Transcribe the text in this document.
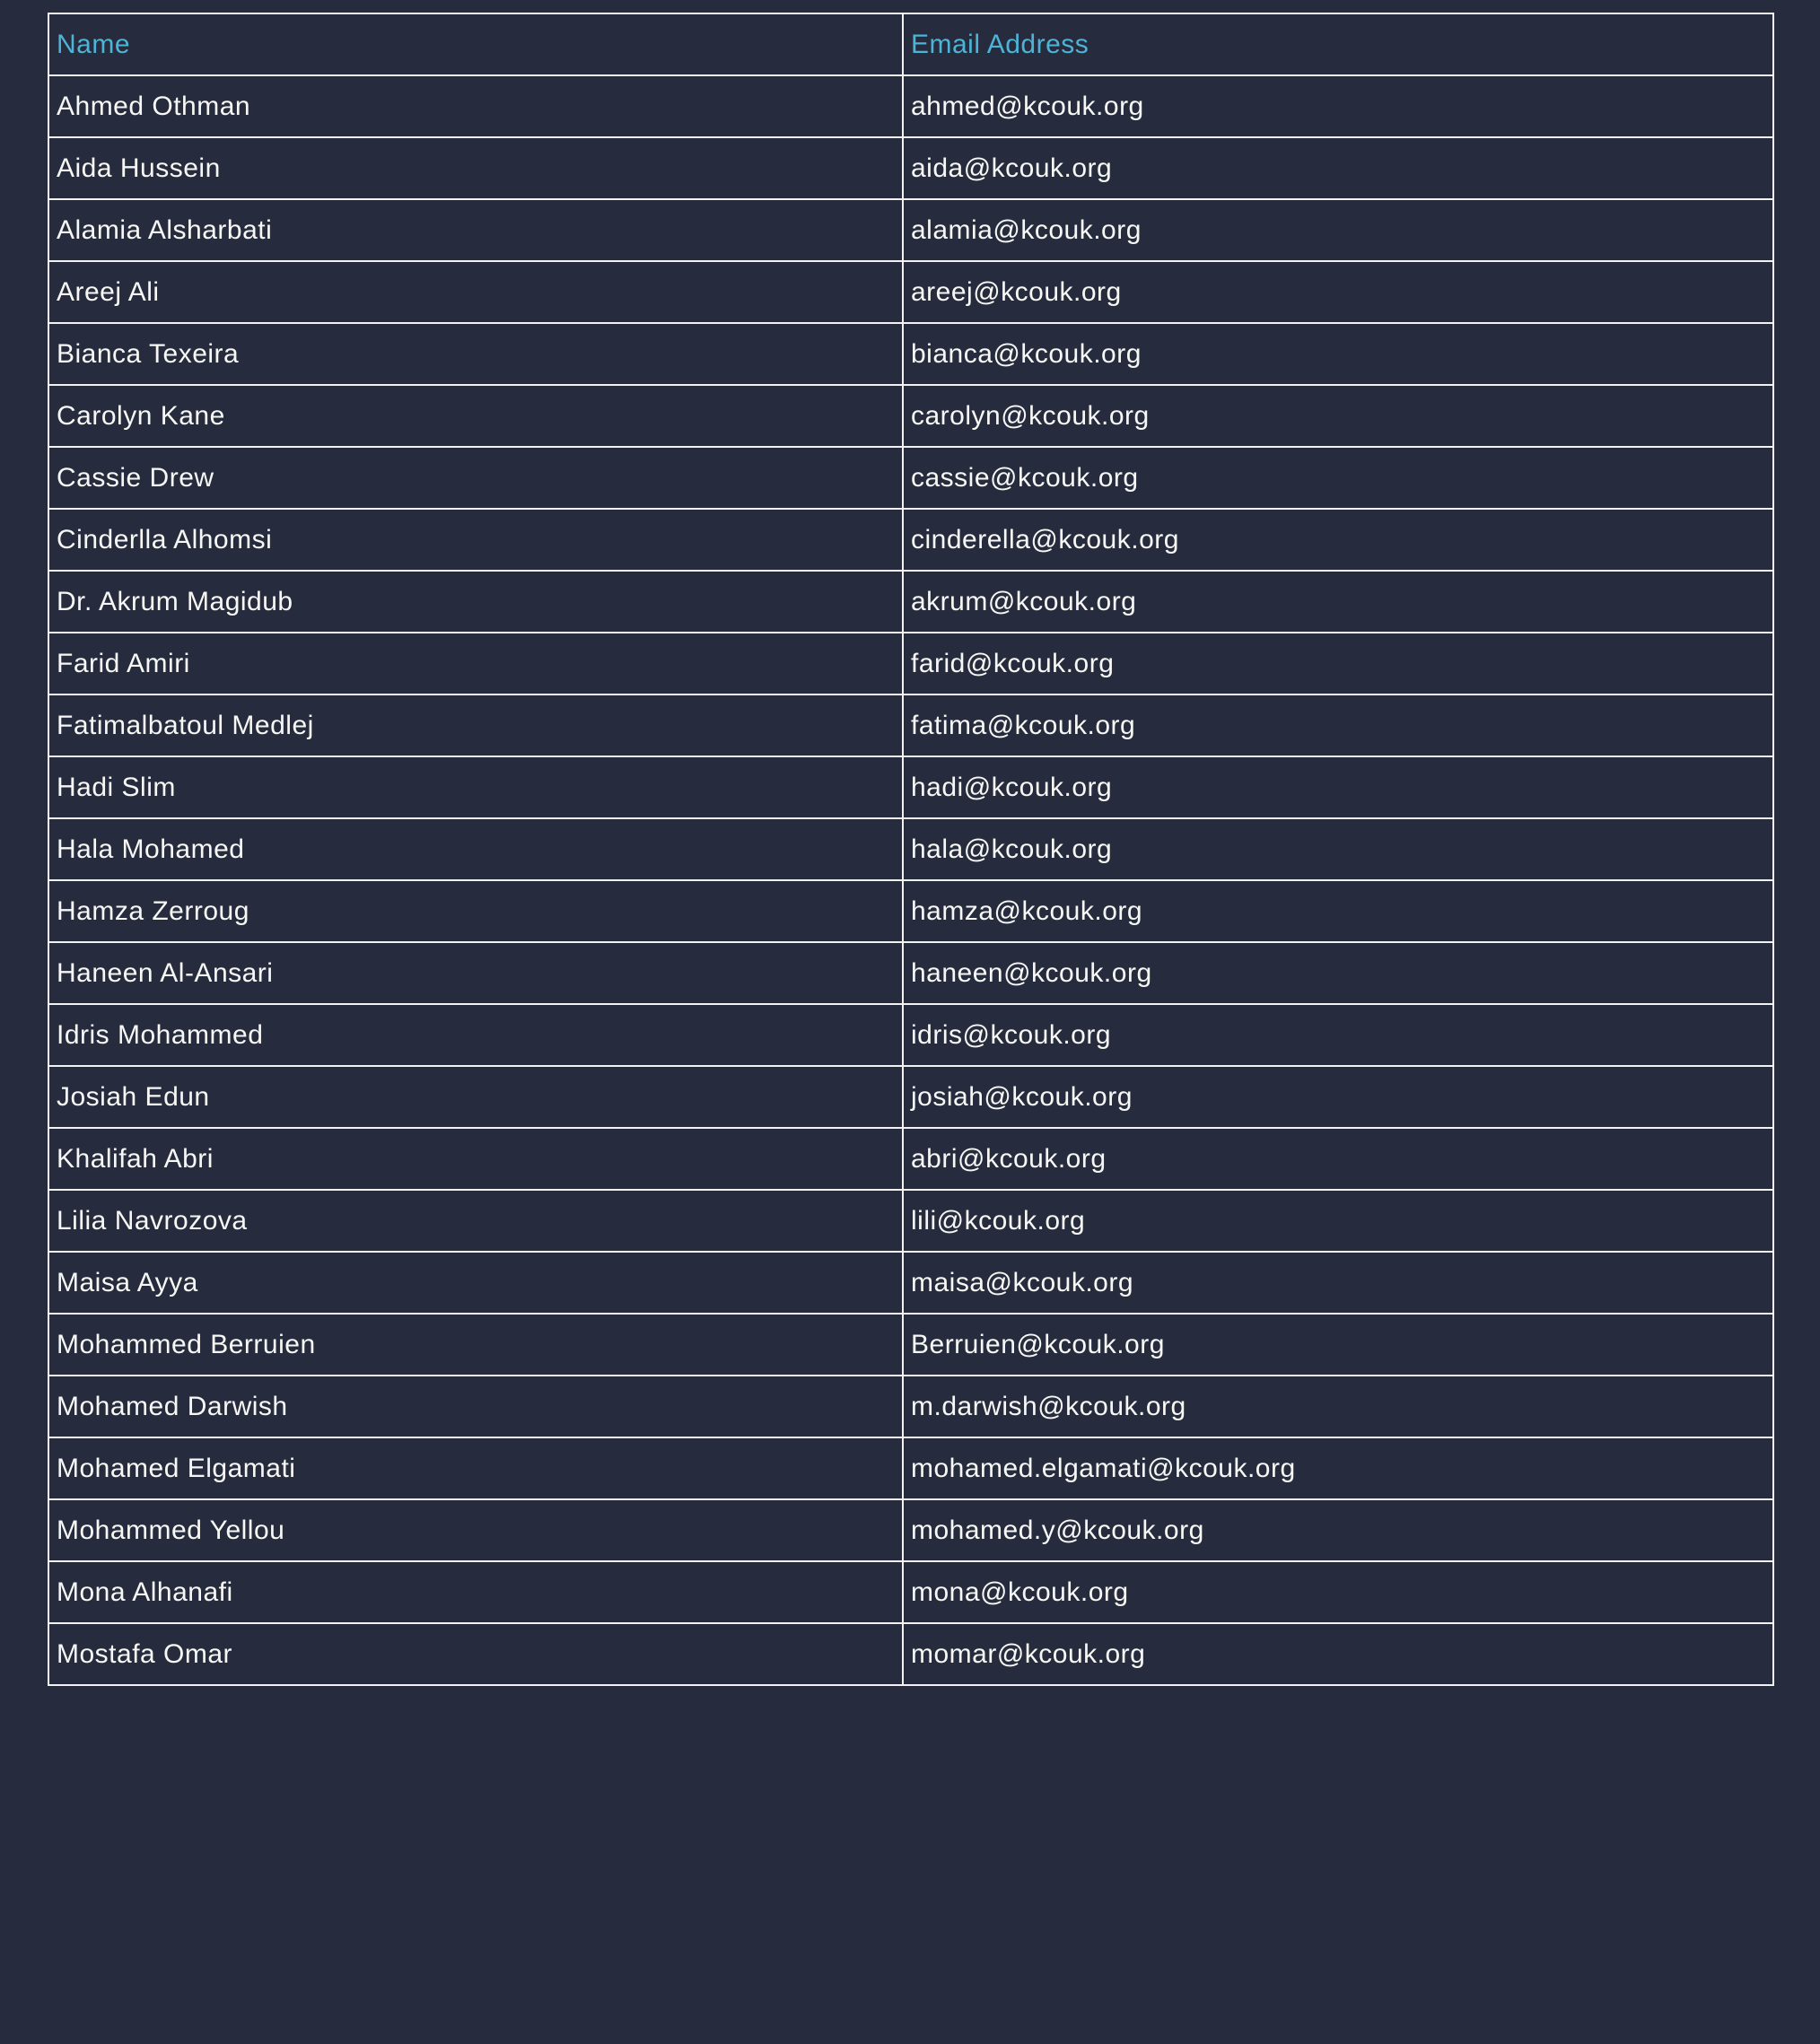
Name	Email Address
Ahmed Othman	ahmed@kcouk.org
Aida Hussein	aida@kcouk.org
Alamia Alsharbati	alamia@kcouk.org
Areej Ali	areej@kcouk.org
Bianca Texeira	bianca@kcouk.org
Carolyn Kane	carolyn@kcouk.org
Cassie Drew	cassie@kcouk.org
Cinderlla Alhomsi	cinderella@kcouk.org
Dr. Akrum Magidub	akrum@kcouk.org
Farid Amiri	farid@kcouk.org
Fatimalbatoul Medlej	fatima@kcouk.org
Hadi Slim	hadi@kcouk.org
Hala Mohamed	hala@kcouk.org
Hamza Zerroug	hamza@kcouk.org
Haneen Al-Ansari	haneen@kcouk.org
Idris Mohammed	idris@kcouk.org
Josiah Edun	josiah@kcouk.org
Khalifah Abri	abri@kcouk.org
Lilia Navrozova	lili@kcouk.org
Maisa Ayya	maisa@kcouk.org
Mohammed Berruien	Berruien@kcouk.org
Mohamed Darwish	m.darwish@kcouk.org
Mohamed Elgamati	mohamed.elgamati@kcouk.org
Mohammed Yellou	mohamed.y@kcouk.org
Mona Alhanafi	mona@kcouk.org
Mostafa Omar	momar@kcouk.org
